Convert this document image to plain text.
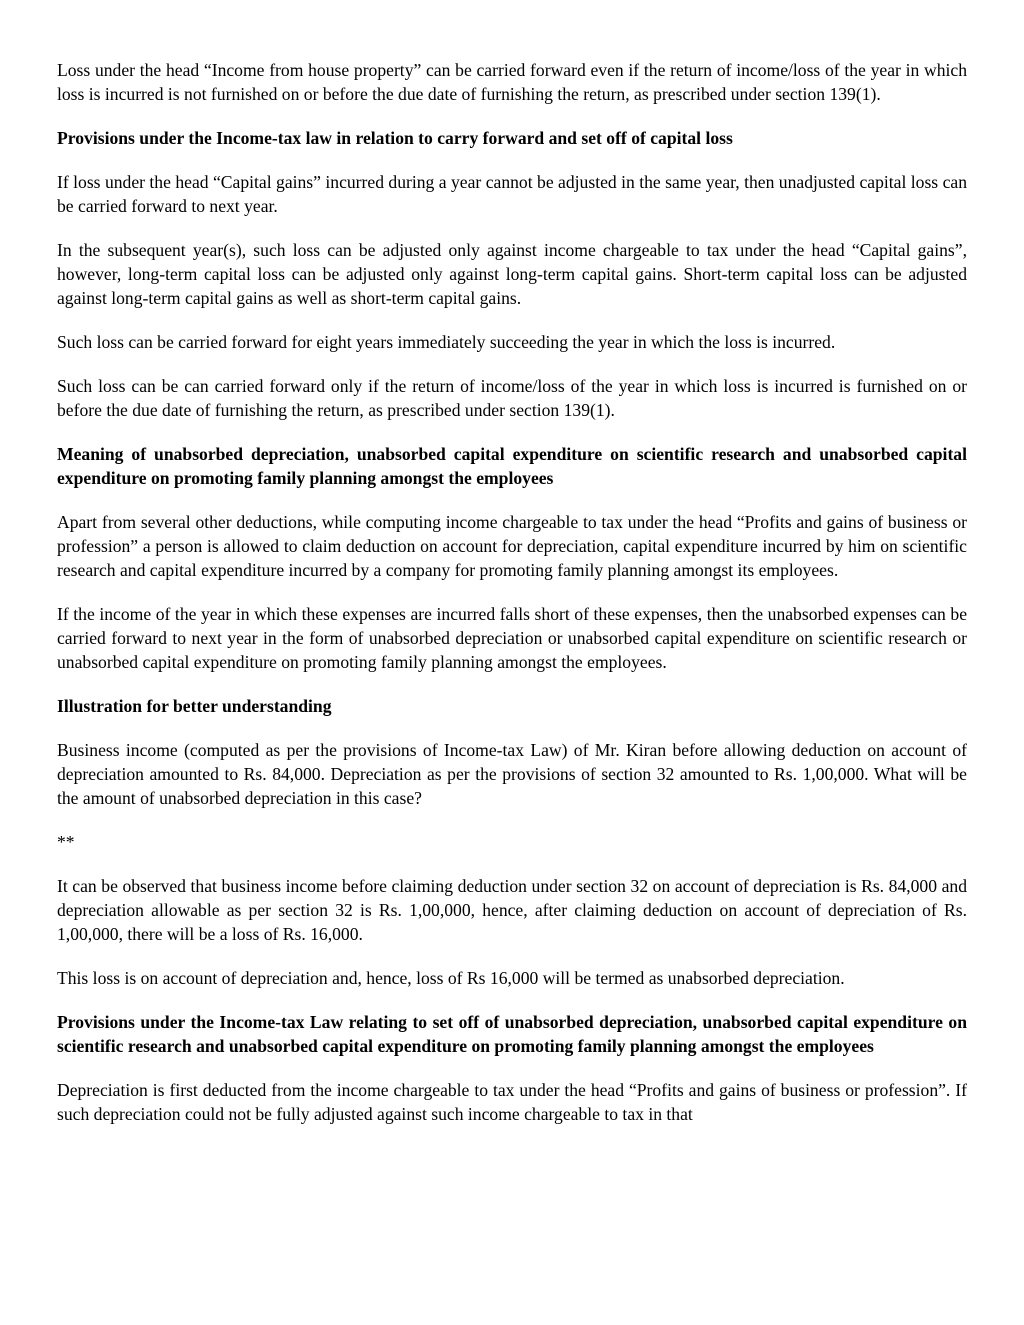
Loss under the head “Income from house property” can be carried forward even if the return of income/loss of the year in which loss is incurred is not furnished on or before the due date of furnishing the return, as prescribed under section 139(1).

Provisions under the Income-tax law in relation to carry forward and set off of capital loss

If loss under the head “Capital gains” incurred during a year cannot be adjusted in the same year, then unadjusted capital loss can be carried forward to next year.

In the subsequent year(s), such loss can be adjusted only against income chargeable to tax under the head “Capital gains”, however, long-term capital loss can be adjusted only against long-term capital gains. Short-term capital loss can be adjusted against long-term capital gains as well as short-term capital gains.

Such loss can be carried forward for eight years immediately succeeding the year in which the loss is incurred.

Such loss can be can carried forward only if the return of income/loss of the year in which loss is incurred is furnished on or before the due date of furnishing the return, as prescribed under section 139(1).

Meaning of unabsorbed depreciation, unabsorbed capital expenditure on scientific research and unabsorbed capital expenditure on promoting family planning amongst the employees

Apart from several other deductions, while computing income chargeable to tax under the head “Profits and gains of business or profession” a person is allowed to claim deduction on account for depreciation, capital expenditure incurred by him on scientific research and capital expenditure incurred by a company for promoting family planning amongst its employees.

If the income of the year in which these expenses are incurred falls short of these expenses, then the unabsorbed expenses can be carried forward to next year in the form of unabsorbed depreciation or unabsorbed capital expenditure on scientific research or unabsorbed capital expenditure on promoting family planning amongst the employees.

Illustration for better understanding

Business income (computed as per the provisions of Income-tax Law) of Mr. Kiran before allowing deduction on account of depreciation amounted to Rs. 84,000. Depreciation as per the provisions of section 32 amounted to Rs. 1,00,000. What will be the amount of unabsorbed depreciation in this case?

**

It can be observed that business income before claiming deduction under section 32 on account of depreciation is Rs. 84,000 and depreciation allowable as per section 32 is Rs. 1,00,000, hence, after claiming deduction on account of depreciation of Rs. 1,00,000, there will be a loss of Rs. 16,000.

This loss is on account of depreciation and, hence, loss of Rs 16,000 will be termed as unabsorbed depreciation.

Provisions under the Income-tax Law relating to set off of unabsorbed depreciation, unabsorbed capital expenditure on scientific research and unabsorbed capital expenditure on promoting family planning amongst the employees

Depreciation is first deducted from the income chargeable to tax under the head “Profits and gains of business or profession”. If such depreciation could not be fully adjusted against such income chargeable to tax in that
